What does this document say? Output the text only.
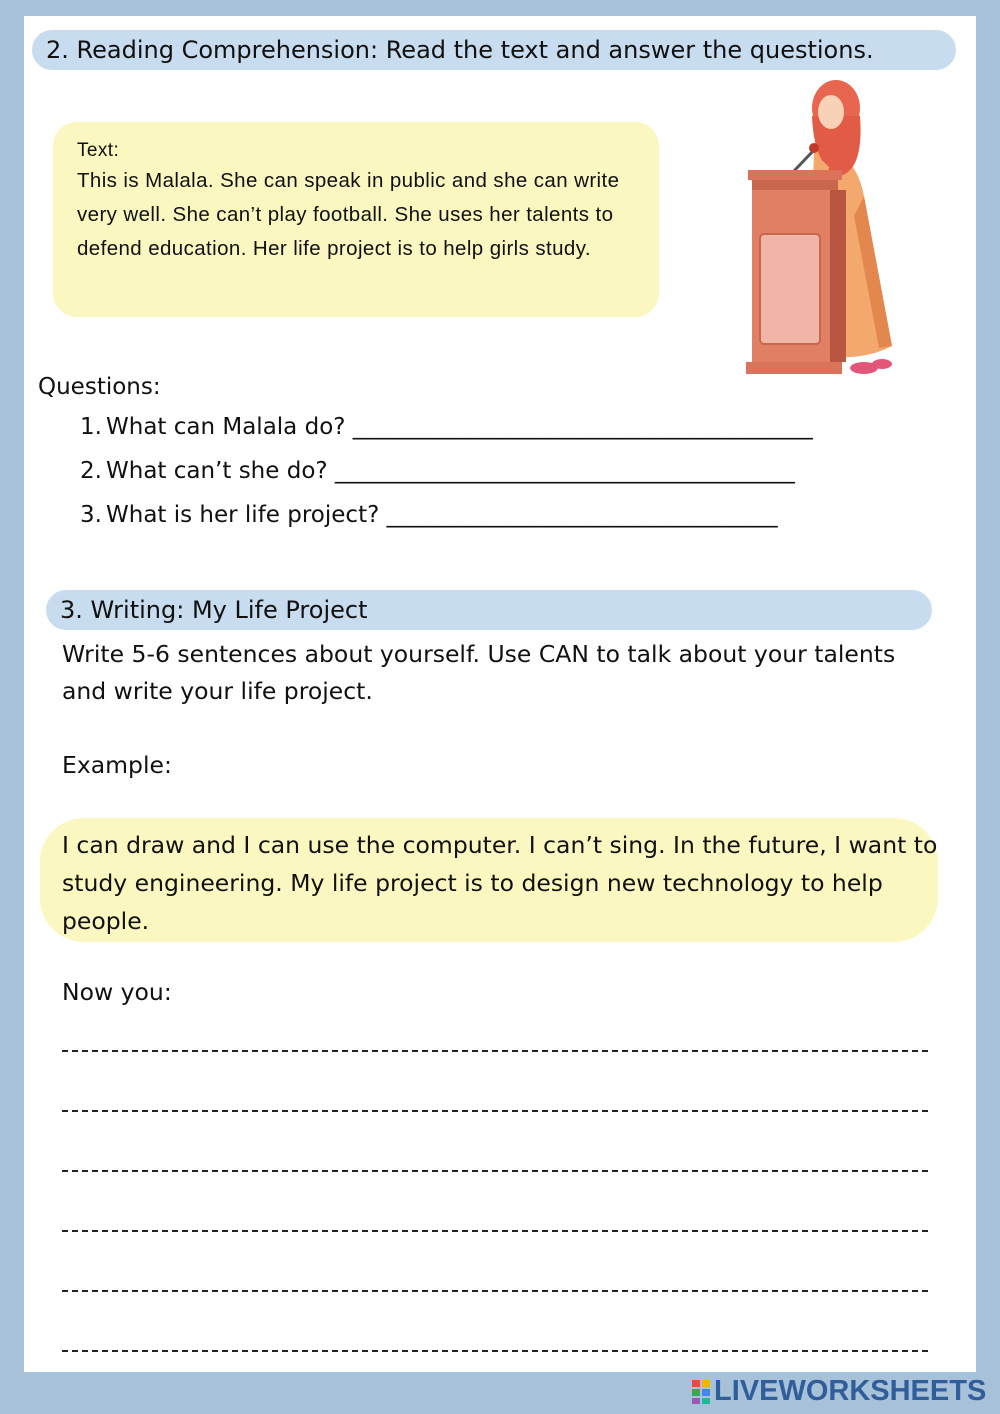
2. Reading Comprehension: Read the text and answer the questions.
Text:
This is Malala. She can speak in public and she can write very well. She can’t play football. She uses her talents to defend education. Her life project is to help girls study.
Questions:
1. What can Malala do? ________________________________________
2. What can’t she do? ________________________________________
3. What is her life project? __________________________________
3. Writing: My Life Project
Write 5-6 sentences about yourself. Use CAN to talk about your talents and write your life project.
Example:
I can draw and I can use the computer. I can’t sing. In the future, I want to study engineering. My life project is to design new technology to help people.
Now you:
LIVEWORKSHEETS
